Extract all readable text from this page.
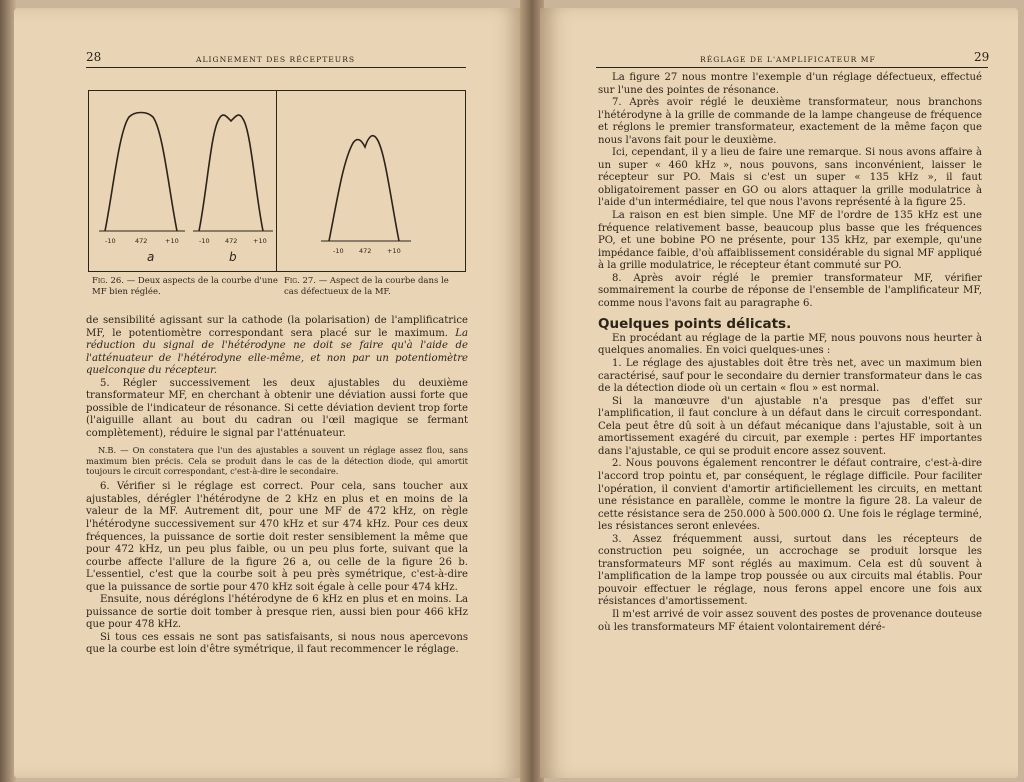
28	ALIGNEMENT DES RÉCEPTEURS
a	b
-10	472	+10	-10 472 +10
-10 472 +10
Fig. 26. — Deux aspects de la courbe d'une MF bien réglée.
Fig. 27. — Aspect de la courbe dans le cas défectueux de la MF.

de sensibilité agissant sur la cathode (la polarisation) de l'amplificatrice MF, le potentiomètre correspondant sera placé sur le maximum. La réduction du signal de l'hétérodyne ne doit se faire qu'à l'aide de l'atténuateur de l'hétérodyne elle-même, et non par un potentiomètre quelconque du récepteur.

5. Régler successivement les deux ajustables du deuxième transformateur MF, en cherchant à obtenir une déviation aussi forte que possible de l'indicateur de résonance. Si cette déviation devient trop forte (l'aiguille allant au bout du cadran ou l'œil magique se fermant complètement), réduire le signal par l'atténuateur.

N.B. — On constatera que l'un des ajustables a souvent un réglage assez flou, sans maximum bien précis. Cela se produit dans le cas de la détection diode, qui amortit toujours le circuit correspondant, c'est-à-dire le secondaire.

6. Vérifier si le réglage est correct. Pour cela, sans toucher aux ajustables, dérégler l'hétérodyne de 2 kHz en plus et en moins de la valeur de la MF. Autrement dit, pour une MF de 472 kHz, on règle l'hétérodyne successivement sur 470 kHz et sur 474 kHz. Pour ces deux fréquences, la puissance de sortie doit rester sensiblement la même que pour 472 kHz, un peu plus faible, ou un peu plus forte, suivant que la courbe affecte l'allure de la figure 26 a, ou celle de la figure 26 b. L'essentiel, c'est que la courbe soit à peu près symétrique, c'est-à-dire que la puissance de sortie pour 470 kHz soit égale à celle pour 474 kHz.

Ensuite, nous déréglons l'hétérodyne de 6 kHz en plus et en moins. La puissance de sortie doit tomber à presque rien, aussi bien pour 466 kHz que pour 478 kHz.

Si tous ces essais ne sont pas satisfaisants, si nous nous apercevons que la courbe est loin d'être symétrique, il faut recommencer le réglage.

RÉGLAGE DE L'AMPLIFICATEUR MF	29

La figure 27 nous montre l'exemple d'un réglage défectueux, effectué sur l'une des pointes de résonance.

7. Après avoir réglé le deuxième transformateur, nous branchons l'hétérodyne à la grille de commande de la lampe changeuse de fréquence et réglons le premier transformateur, exactement de la même façon que nous l'avons fait pour le deuxième.

Ici, cependant, il y a lieu de faire une remarque. Si nous avons affaire à un super « 460 kHz », nous pouvons, sans inconvénient, laisser le récepteur sur PO. Mais si c'est un super « 135 kHz », il faut obligatoirement passer en GO ou alors attaquer la grille modulatrice à l'aide d'un intermédiaire, tel que nous l'avons représenté à la figure 25.

La raison en est bien simple. Une MF de l'ordre de 135 kHz est une fréquence relativement basse, beaucoup plus basse que les fréquences PO, et une bobine PO ne présente, pour 135 kHz, par exemple, qu'une impédance faible, d'où affaiblissement considérable du signal MF appliqué à la grille modulatrice, le récepteur étant commuté sur PO.

8. Après avoir réglé le premier transformateur MF, vérifier sommairement la courbe de réponse de l'ensemble de l'amplificateur MF, comme nous l'avons fait au paragraphe 6.

Quelques points délicats.

En procédant au réglage de la partie MF, nous pouvons nous heurter à quelques anomalies. En voici quelques-unes :

1. Le réglage des ajustables doit être très net, avec un maximum bien caractérisé, sauf pour le secondaire du dernier transformateur dans le cas de la détection diode où un certain « flou » est normal.

Si la manœuvre d'un ajustable n'a presque pas d'effet sur l'amplification, il faut conclure à un défaut dans le circuit correspondant. Cela peut être dû soit à un défaut mécanique dans l'ajustable, soit à un amortissement exagéré du circuit, par exemple : pertes HF importantes dans l'ajustable, ce qui se produit encore assez souvent.

2. Nous pouvons également rencontrer le défaut contraire, c'est-à-dire l'accord trop pointu et, par conséquent, le réglage difficile. Pour faciliter l'opération, il convient d'amortir artificiellement les circuits, en mettant une résistance en parallèle, comme le montre la figure 28. La valeur de cette résistance sera de 250.000 à 500.000 Ω. Une fois le réglage terminé, les résistances seront enlevées.

3. Assez fréquemment aussi, surtout dans les récepteurs de construction peu soignée, un accrochage se produit lorsque les transformateurs MF sont réglés au maximum. Cela est dû souvent à l'amplification de la lampe trop poussée ou aux circuits mal établis. Pour pouvoir effectuer le réglage, nous ferons appel encore une fois aux résistances d'amortissement.

Il m'est arrivé de voir assez souvent des postes de provenance douteuse où les transformateurs MF étaient volontairement déré-
